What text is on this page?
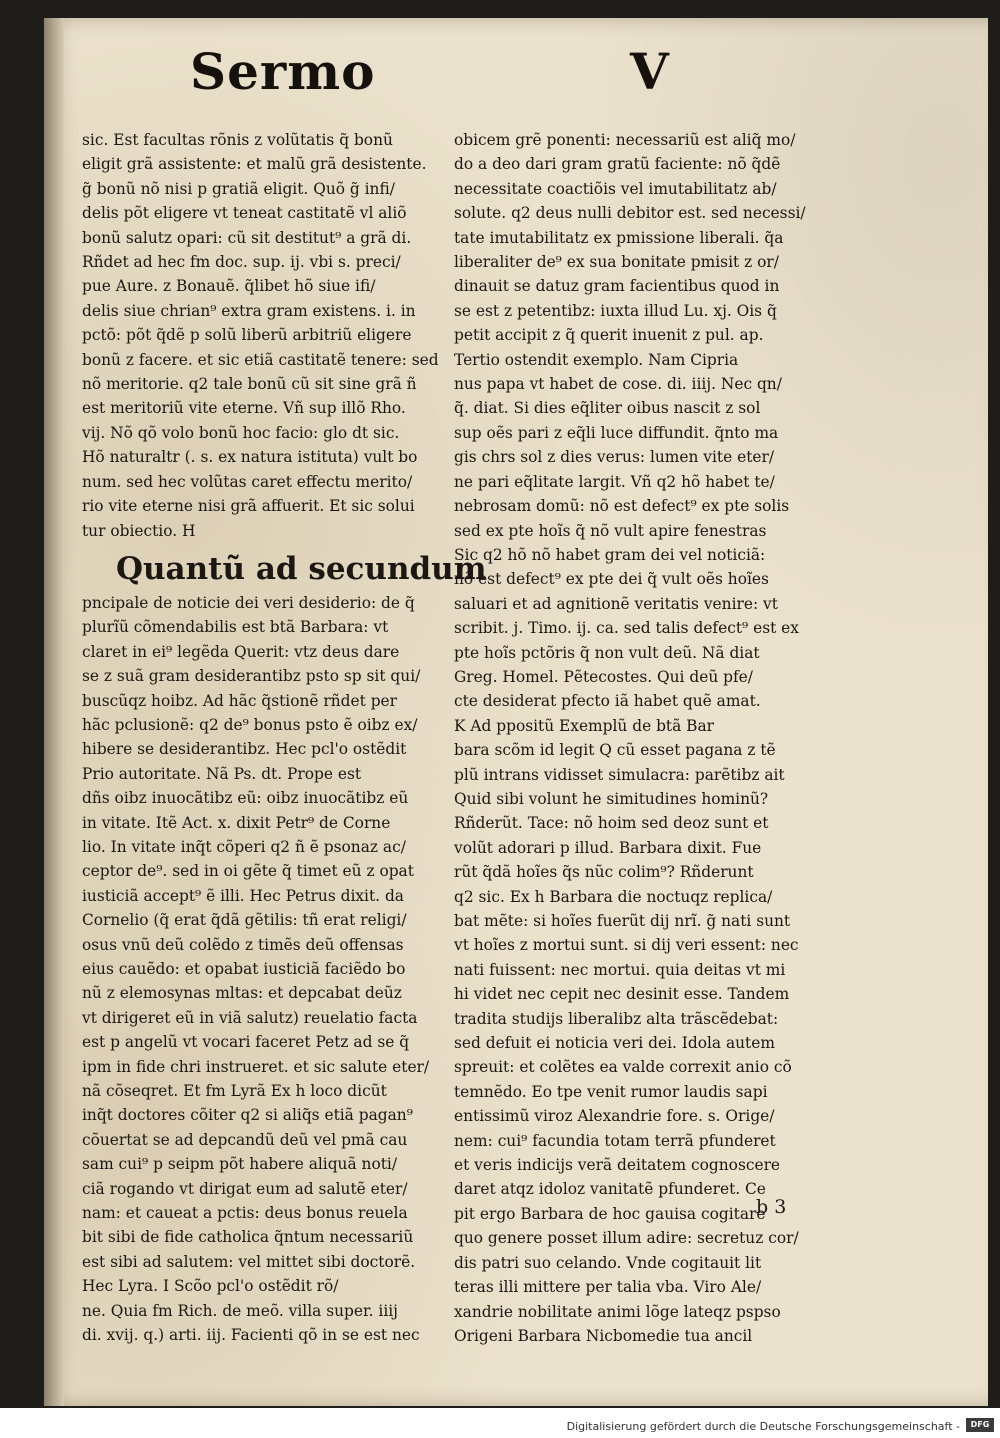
Sermo	V
sic. Est facultas rõnis z volũtatis q̃ bonũ
eligit grã assistente: et malũ grã desistente.
g̃ bonũ nõ nisi p gratiã eligit. Quõ g̃ infi/
delis põt eligere vt teneat castitatẽ vl aliõ
bonũ salutz opari: cũ sit destitut⁹ a grã di.
Rñdet ad hec fm doc. sup. ij. vbi s. preci/
pue Aure. z Bonauẽ. q̃libet hõ siue ifi/
delis siue chrian⁹ extra gram existens. i. in
pctõ: põt q̃dẽ p solũ liberũ arbitriũ eligere
bonũ z facere. et sic etiã castitatẽ tenere: sed
nõ meritorie. q2 tale bonũ cũ sit sine grã ñ
est meritoriũ vite eterne. Vñ sup illõ Rho.
vij. Nõ qõ volo bonũ hoc facio: glo dt sic.
Hõ naturaltr (. s. ex natura istituta) vult bo
num. sed hec volũtas caret effectu merito/
rio vite eterne nisi grã affuerit. Et sic solui
tur obiectio. H
Quantũ ad secundum
pncipale de noticie dei veri desiderio: de q̃
plurĩũ cõmendabilis est btã Barbara: vt
claret in ei⁹ legẽda Querit: vtz deus dare
se z suã gram desiderantibz psto sp sit qui/
buscũqz hoibz. Ad hãc q̃stionẽ rñdet per
hãc pclusionẽ: q2 de⁹ bonus psto ẽ oibz ex/
hibere se desiderantibz. Hec pcl'o ostẽdit
Prio autoritate. Nã Ps. dt. Prope est
dñs oibz inuocãtibz eũ: oibz inuocãtibz eũ
in vitate. Itẽ Act. x. dixit Petr⁹ de Corne
lio. In vitate inq̃t cõperi q2 ñ ẽ psonaz ac/
ceptor de⁹. sed in oi gẽte q̃ timet eũ z opat
iusticiã accept⁹ ẽ illi. Hec Petrus dixit. da
Cornelio (q̃ erat q̃dã gẽtilis: tñ erat religi/
osus vnũ deũ colẽdo z timẽs deũ offensas
eius cauẽdo: et opabat iusticiã faciẽdo bo
nũ z elemosynas mltas: et depcabat deũz
vt dirigeret eũ in viã salutz) reuelatio facta
est p angelũ vt vocari faceret Petz ad se q̃
ipm in fide chri instrueret. et sic salute eter/
nã cõseqret. Et fm Lyrã Ex h loco dicũt
inq̃t doctores cõiter q2 si aliq̃s etiã pagan⁹
cõuertat se ad depcandũ deũ vel pmã cau
sam cui⁹ p seipm põt habere aliquã noti/
ciã rogando vt dirigat eum ad salutẽ eter/
nam: et caueat a pctis: deus bonus reuela
bit sibi de fide catholica q̃ntum necessariũ
est sibi ad salutem: vel mittet sibi doctorẽ.
Hec Lyra. I Scõo pcl'o ostẽdit rõ/
ne. Quia fm Rich. de meõ. villa super. iiij
di. xvij. q.) arti. iij. Facienti qõ in se est nec
obicem grẽ ponenti: necessariũ est aliq̃ mo/
do a deo dari gram gratũ faciente: nõ q̃dẽ
necessitate coactiõis vel imutabilitatz ab/
solute. q2 deus nulli debitor est. sed necessi/
tate imutabilitatz ex pmissione liberali. q̃a
liberaliter de⁹ ex sua bonitate pmisit z or/
dinauit se datuz gram facientibus quod in
se est z petentibz: iuxta illud Lu. xj. Ois q̃
petit accipit z q̃ querit inuenit z pul. ap.
Tertio ostendit exemplo. Nam Cipria
nus papa vt habet de cose. di. iiij. Nec qn/
q̃. diat. Si dies eq̃liter oibus nascit z sol
sup oẽs pari z eq̃li luce diffundit. q̃nto ma
gis chrs sol z dies verus: lumen vite eter/
ne pari eq̃litate largit. Vñ q2 hõ habet te/
nebrosam domũ: nõ est defect⁹ ex pte solis
sed ex pte hoĩs q̃ nõ vult apire fenestras
Sic q2 hõ nõ habet gram dei vel noticiã:
nõ est defect⁹ ex pte dei q̃ vult oẽs hoĩes
saluari et ad agnitionẽ veritatis venire: vt
scribit. j. Timo. ij. ca. sed talis defect⁹ est ex
pte hoĩs pctõris q̃ non vult deũ. Nã diat
Greg. Homel. Pẽtecostes. Qui deũ pfe/
cte desiderat pfecto iã habet quẽ amat.
K Ad ppositũ Exemplũ de btã Bar
bara scõm id legit Q cũ esset pagana z tẽ
plũ intrans vidisset simulacra: parẽtibz ait
Quid sibi volunt he simitudines hominũ?
Rñderũt. Tace: nõ hoim sed deoz sunt et
volũt adorari p illud. Barbara dixit. Fue
rũt q̃dã hoĩes q̃s nũc colim⁹? Rñderunt
q2 sic. Ex h Barbara die noctuqz replica/
bat mẽte: si hoĩes fuerũt dij nrĩ. g̃ nati sunt
vt hoĩes z mortui sunt. si dij veri essent: nec
nati fuissent: nec mortui. quia deitas vt mi
hi videt nec cepit nec desinit esse. Tandem
tradita studijs liberalibz alta trãscẽdebat:
sed defuit ei noticia veri dei. Idola autem
spreuit: et colẽtes ea valde correxit anio cõ
temnẽdo. Eo tpe venit rumor laudis sapi
entissimũ viroz Alexandrie fore. s. Orige/
nem: cui⁹ facundia totam terrã pfunderet
et veris indicijs verã deitatem cognoscere
daret atqz idoloz vanitatẽ pfunderet. Ce
pit ergo Barbara de hoc gauisa cogitare
quo genere posset illum adire: secretuz cor/
dis patri suo celando. Vnde cogitauit lit
teras illi mittere per talia vba. Viro Ale/
xandrie nobilitate animi lõge lateqz pspso
Origeni Barbara Nicbomedie tua ancil
b 3
Digitalisierung gefördert durch die Deutsche Forschungsgemeinschaft -	DFG
